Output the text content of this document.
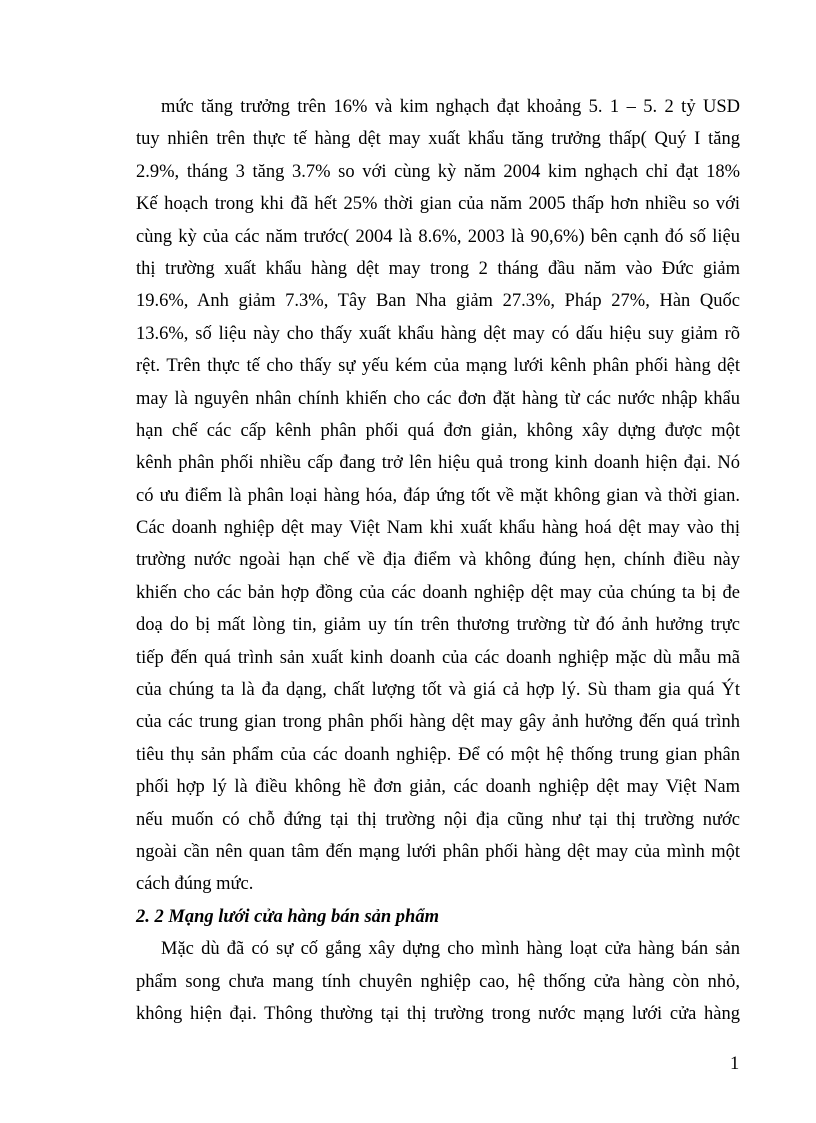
mức tăng trưởng trên 16% và kim nghạch đạt khoảng 5. 1 – 5. 2 tỷ USD
tuy nhiên trên thực tế hàng dệt may xuất khẩu tăng trưởng thấp( Quý I tăng
2.9%, tháng 3 tăng 3.7% so với cùng kỳ năm 2004 kim nghạch chỉ đạt 18%
Kế hoạch trong khi đã hết 25% thời gian của năm 2005 thấp hơn nhiều so với
cùng kỳ của các năm trước( 2004 là 8.6%, 2003 là 90,6%) bên cạnh đó số liệu
thị trường xuất khẩu hàng dệt may trong 2 tháng đầu năm vào Đức giảm
19.6%, Anh giảm 7.3%, Tây Ban Nha giảm 27.3%, Pháp 27%, Hàn Quốc
13.6%, số liệu này cho thấy xuất khẩu hàng dệt may có dấu hiệu suy giảm rõ
rệt. Trên thực tế cho thấy sự yếu kém của mạng lưới kênh phân phối hàng dệt
may là nguyên nhân chính khiến cho các đơn đặt hàng từ các nước nhập khẩu
hạn chế các cấp kênh phân phối quá đơn giản, không xây dựng được một
kênh phân phối nhiều cấp đang trở lên hiệu quả trong kinh doanh hiện đại. Nó
có ưu điểm là phân loại hàng hóa, đáp ứng tốt về mặt không gian và thời gian.
Các doanh nghiệp dệt may Việt Nam khi xuất khẩu hàng hoá dệt may vào thị
trường nước ngoài hạn chế về địa điểm và không đúng hẹn, chính điều này
khiến cho các bản hợp đồng của các doanh nghiệp dệt may của chúng ta bị đe
doạ do bị mất lòng tin, giảm uy tín trên thương trường từ đó ảnh hưởng trực
tiếp đến quá trình sản xuất kinh doanh của các doanh nghiệp mặc dù mẫu mã
của chúng ta là đa dạng, chất lượng tốt và giá cả hợp lý. Sù tham gia quá Ýt
của các trung gian trong phân phối hàng dệt may gây ảnh hưởng đến quá trình
tiêu thụ sản phẩm của các doanh nghiệp. Để có một hệ thống trung gian phân
phối hợp lý là điều không hề đơn giản, các doanh nghiệp dệt may Việt Nam
nếu muốn có chỗ đứng tại thị trường nội địa cũng như tại thị trường nước
ngoài cần nên quan tâm đến mạng lưới phân phối hàng dệt may của mình một
cách đúng mức.
2. 2 Mạng lưới cửa hàng bán sản phẩm
Mặc dù đã có sự cố gắng xây dựng cho mình hàng loạt cửa hàng bán sản
phẩm song chưa mang tính chuyên nghiệp cao, hệ thống cửa hàng còn nhỏ,
không hiện đại. Thông thường tại thị trường trong nước mạng lưới cửa hàng
1
